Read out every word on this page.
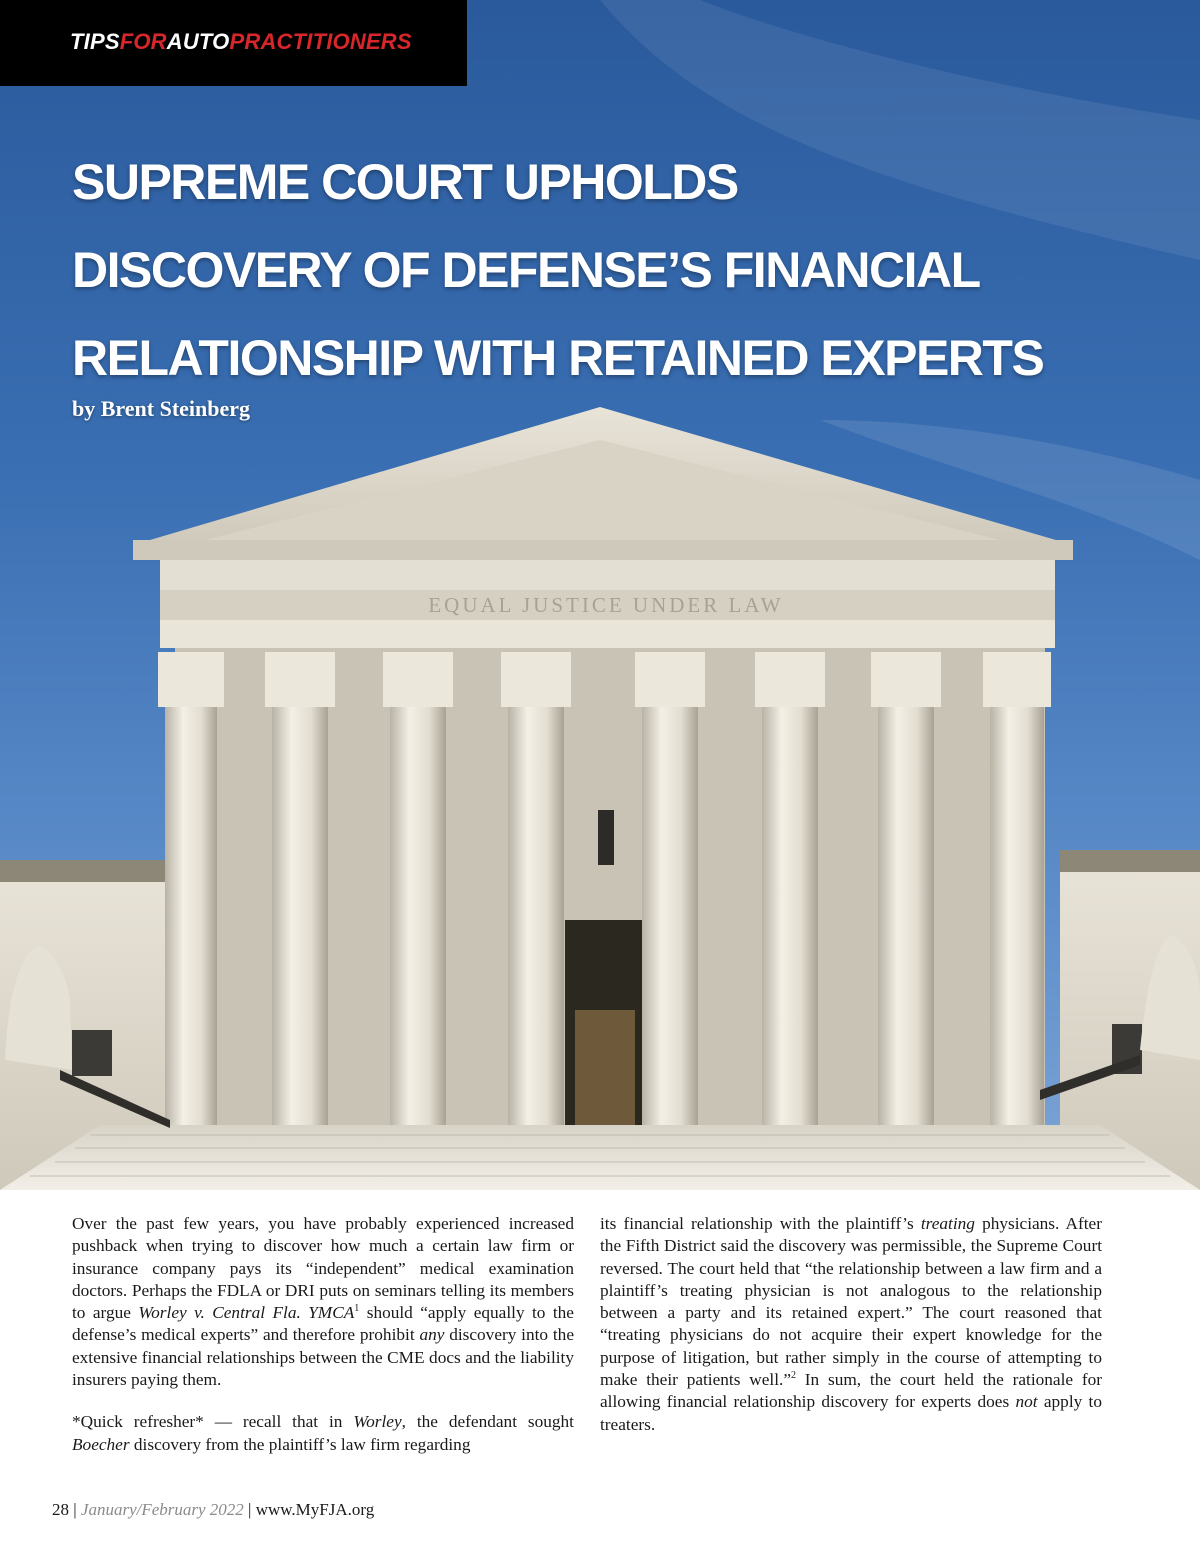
EQUAL JUSTICE UNDER LAW
TIPSFORAUTOPRACTITIONERS
SUPREME COURT UPHOLDS
DISCOVERY OF DEFENSE’S FINANCIAL
RELATIONSHIP WITH RETAINED EXPERTS
by Brent Steinberg

Over the past few years, you have probably experienced increased pushback when trying to discover how much a certain law firm or insurance company pays its “independent” medical examination doctors. Perhaps the FDLA or DRI puts on seminars telling its members to argue Worley v. Central Fla. YMCA$^1$ should “apply equally to the defense’s medical experts” and therefore prohibit any discovery into the extensive financial relationships between the CME docs and the liability insurers paying them.

*Quick refresher* — recall that in Worley, the defendant sought Boecher discovery from the plaintiff’s law firm regarding

its financial relationship with the plaintiff’s treating physicians. After the Fifth District said the discovery was permissible, the Supreme Court reversed. The court held that “the relationship between a law firm and a plaintiff’s treating physician is not analogous to the relationship between a party and its retained expert.” The court reasoned that “treating physicians do not acquire their expert knowledge for the purpose of litigation, but rather simply in the course of attempting to make their patients well.”$^2$ In sum, the court held the rationale for allowing financial relationship discovery for experts does not apply to treaters.

28 | January/February 2022 | www.MyFJA.org
